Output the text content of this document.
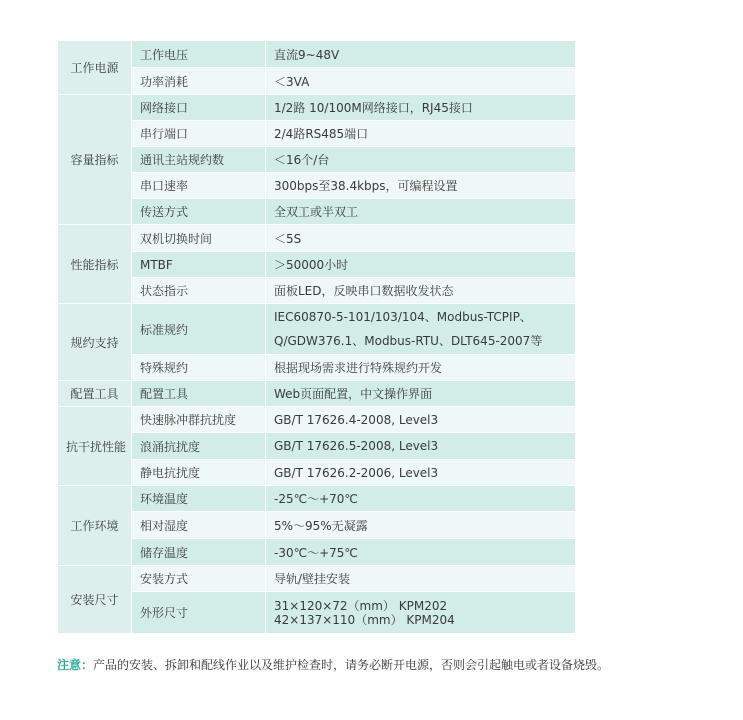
工作电源	工作电压	直流9~48V
	功率消耗	＜3VA
容量指标	网络接口	1/2路 10/100M网络接口，RJ45接口
	串行端口	2/4路RS485端口
	通讯主站规约数	＜16个/台
	串口速率	300bps至38.4kbps，可编程设置
	传送方式	全双工或半双工
性能指标	双机切换时间	＜5S
	MTBF	＞50000小时
	状态指示	面板LED，反映串口数据收发状态
规约支持	标准规约	IEC60870-5-101/103/104、Modbus-TCPIP、
Q/GDW376.1、Modbus-RTU、DLT645-2007等

	特殊规约	根据现场需求进行特殊规约开发
配置工具	配置工具	Web页面配置，中文操作界面
抗干扰性能	快速脉冲群抗扰度	GB/T 17626.4-2008, Level3
	浪涌抗扰度	GB/T 17626.5-2008, Level3
	静电抗扰度	GB/T 17626.2-2006, Level3
工作环境	环境温度	-25℃～+70℃
	相对湿度	5%～95%无凝露
	储存温度	-30℃～+75℃
安装尺寸	安装方式	导轨/壁挂安装
	外形尺寸	31×120×72（mm） KPM202
42×137×110（mm） KPM204
注意：产品的安装、拆卸和配线作业以及维护检查时，请务必断开电源，否则会引起触电或者设备烧毁。
